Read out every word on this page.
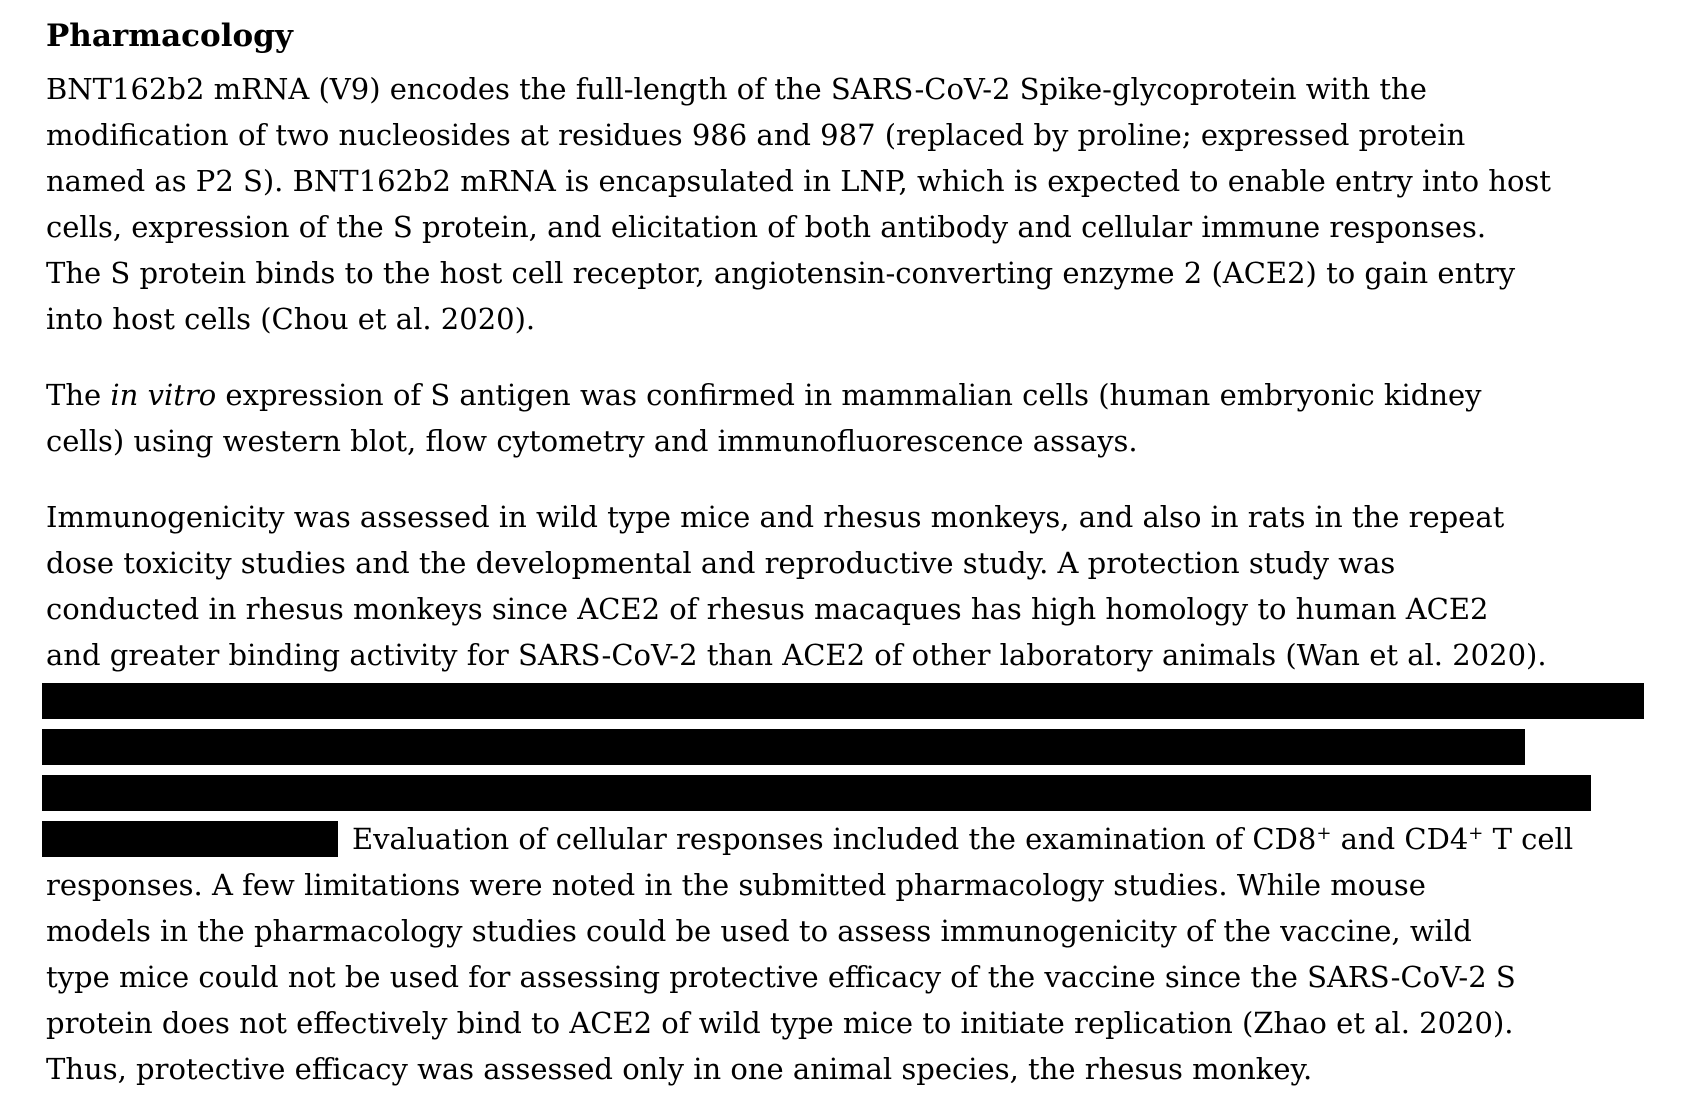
Pharmacology

BNT162b2 mRNA (V9) encodes the full-length of the SARS-CoV-2 Spike-glycoprotein with the
modification of two nucleosides at residues 986 and 987 (replaced by proline; expressed protein
named as P2 S). BNT162b2 mRNA is encapsulated in LNP, which is expected to enable entry into host
cells, expression of the S protein, and elicitation of both antibody and cellular immune responses.
The S protein binds to the host cell receptor, angiotensin-converting enzyme 2 (ACE2) to gain entry
into host cells (Chou et al. 2020).

The in vitro expression of S antigen was confirmed in mammalian cells (human embryonic kidney
cells) using western blot, flow cytometry and immunofluorescence assays.

Immunogenicity was assessed in wild type mice and rhesus monkeys, and also in rats in the repeat
dose toxicity studies and the developmental and reproductive study. A protection study was
conducted in rhesus monkeys since ACE2 of rhesus macaques has high homology to human ACE2
and greater binding activity for SARS-CoV-2 than ACE2 of other laboratory animals (Wan et al. 2020).
Evaluation of cellular responses included the examination of CD8+ and CD4+ T cell
responses. A few limitations were noted in the submitted pharmacology studies. While mouse
models in the pharmacology studies could be used to assess immunogenicity of the vaccine, wild
type mice could not be used for assessing protective efficacy of the vaccine since the SARS-CoV-2 S
protein does not effectively bind to ACE2 of wild type mice to initiate replication (Zhao et al. 2020).
Thus, protective efficacy was assessed only in one animal species, the rhesus monkey.
